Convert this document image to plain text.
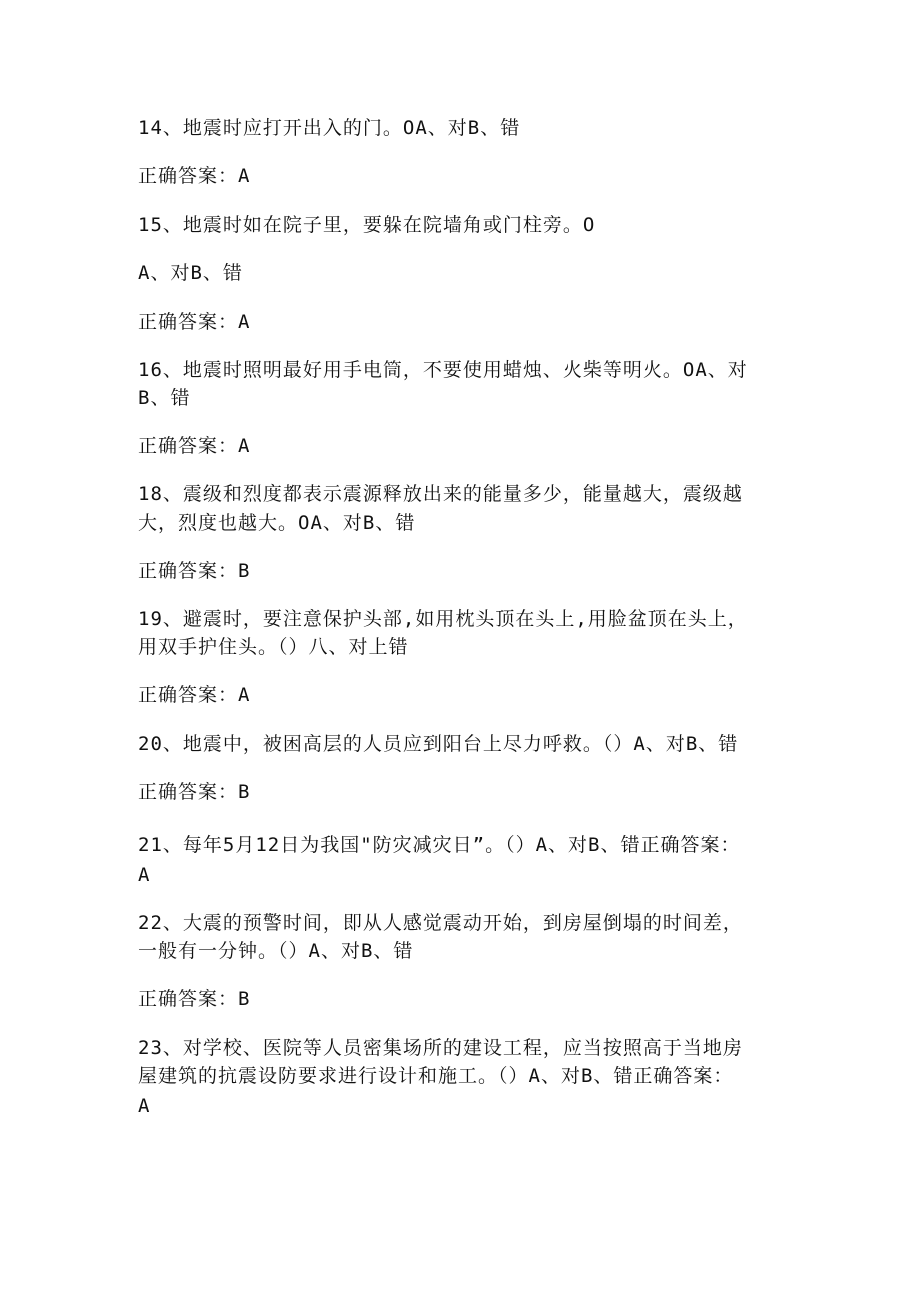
14、地震时应打开出入的门。OA、对B、错
正确答案：A
15、地震时如在院子里，要躲在院墙角或门柱旁。O
A、对B、错
正确答案：A
16、地震时照明最好用手电筒，不要使用蜡烛、火柴等明火。OA、对
B、错
正确答案：A
18、震级和烈度都表示震源释放出来的能量多少，能量越大，震级越
大，烈度也越大。OA、对B、错
正确答案：B
19、避震时，要注意保护头部,如用枕头顶在头上,用脸盆顶在头上，
用双手护住头。（）八、对上错
正确答案：A
20、地震中，被困高层的人员应到阳台上尽力呼救。（）A、对B、错
正确答案：B
21、每年5月12日为我国"防灾减灾日”。（）A、对B、错正确答案：
A
22、大震的预警时间，即从人感觉震动开始，到房屋倒塌的时间差，
一般有一分钟。（）A、对B、错
正确答案：B
23、对学校、医院等人员密集场所的建设工程，应当按照高于当地房
屋建筑的抗震设防要求进行设计和施工。（）A、对B、错正确答案：
A
